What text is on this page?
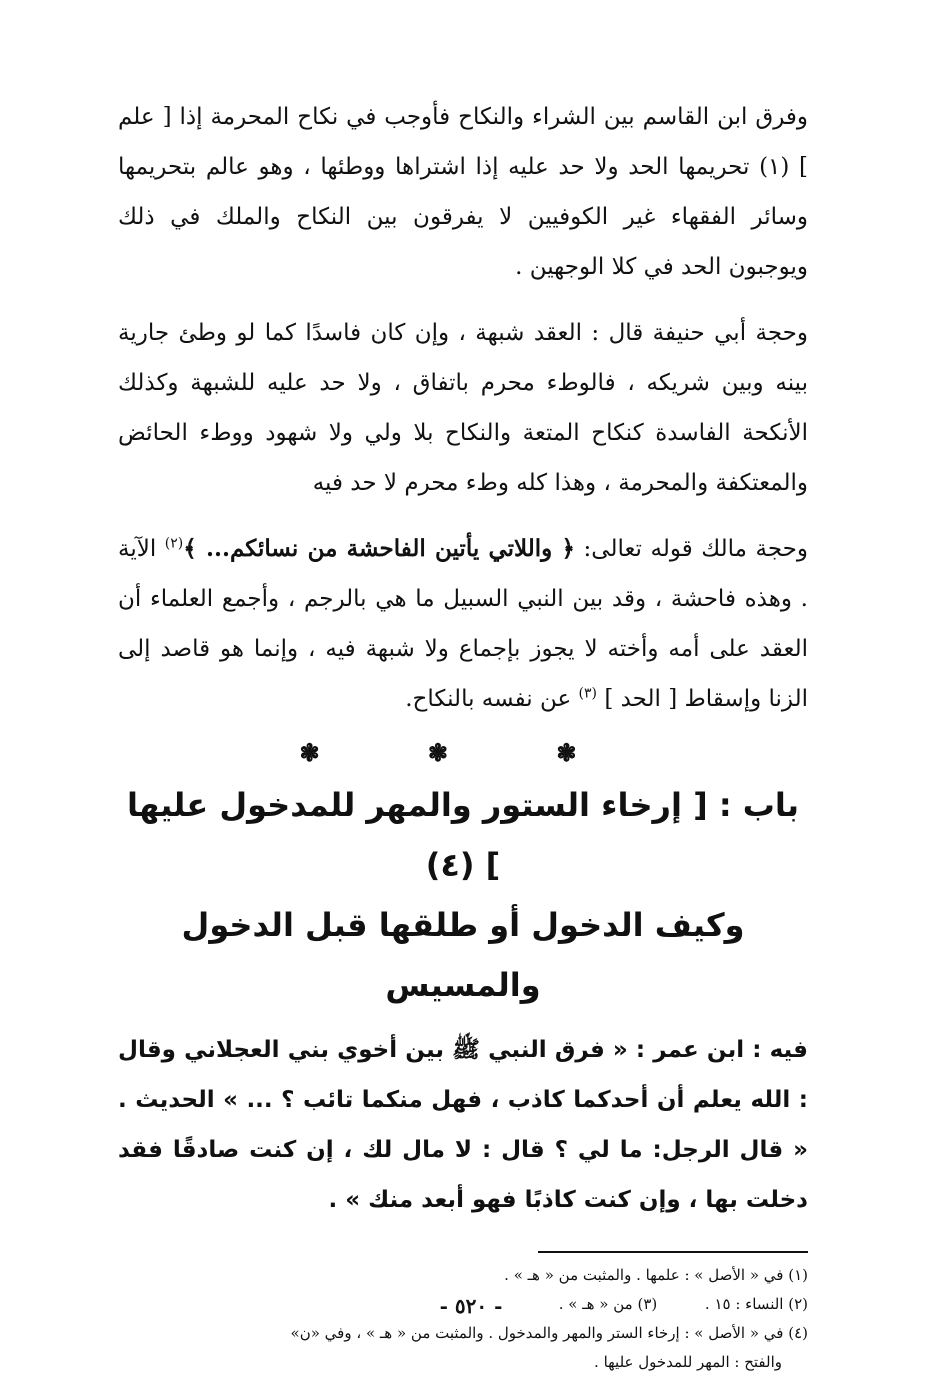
وفرق ابن القاسم بين الشراء والنكاح فأوجب في نكاح المحرمة إذا [ علم ] (١) تحريمها الحد ولا حد عليه إذا اشتراها ووطئها ، وهو عالم بتحريمها وسائر الفقهاء غير الكوفيين لا يفرقون بين النكاح والملك في ذلك ويوجبون الحد في كلا الوجهين .

وحجة أبي حنيفة قال : العقد شبهة ، وإن كان فاسدًا كما لو وطئ جارية بينه وبين شريكه ، فالوطء محرم باتفاق ، ولا حد عليه للشبهة وكذلك الأنكحة الفاسدة كنكاح المتعة والنكاح بلا ولي ولا شهود ووطء الحائض والمعتكفة والمحرمة ، وهذا كله وطء محرم لا حد فيه

وحجة مالك قوله تعالى: ﴿ واللاتي يأتين الفاحشة من نسائكم... ﴾$^{(٢)}$ الآية . وهذه فاحشة ، وقد بين النبي السبيل ما هي بالرجم ، وأجمع العلماء أن العقد على أمه وأخته لا يجوز بإجماع ولا شبهة فيه ، وإنما هو قاصد إلى الزنا وإسقاط [ الحد ] $^{(٣)}$ عن نفسه بالنكاح.

❃ ❃ ❃
باب : [ إرخاء الستور والمهر للمدخول عليها ] (٤)
وكيف الدخول أو طلقها قبل الدخول والمسيس

فيه : ابن عمر : « فرق النبي ﷺ بين أخوي بني العجلاني وقال : الله يعلم أن أحدكما كاذب ، فهل منكما تائب ؟ ... » الحديث . « قال الرجل: ما لي ؟ قال : لا مال لك ، إن كنت صادقًا فقد دخلت بها ، وإن كنت كاذبًا فهو أبعد منك » .

(١) في « الأصل » : علمها . والمثبت من « هـ » .

(٢) النساء : ١٥ .          (٣) من « هـ » .

(٤) في « الأصل » : إرخاء الستر والمهر والمدخول . والمثبت من « هـ » ، وفي «ن»

والفتح : المهر للمدخول عليها .

- ٥٢٠ -
